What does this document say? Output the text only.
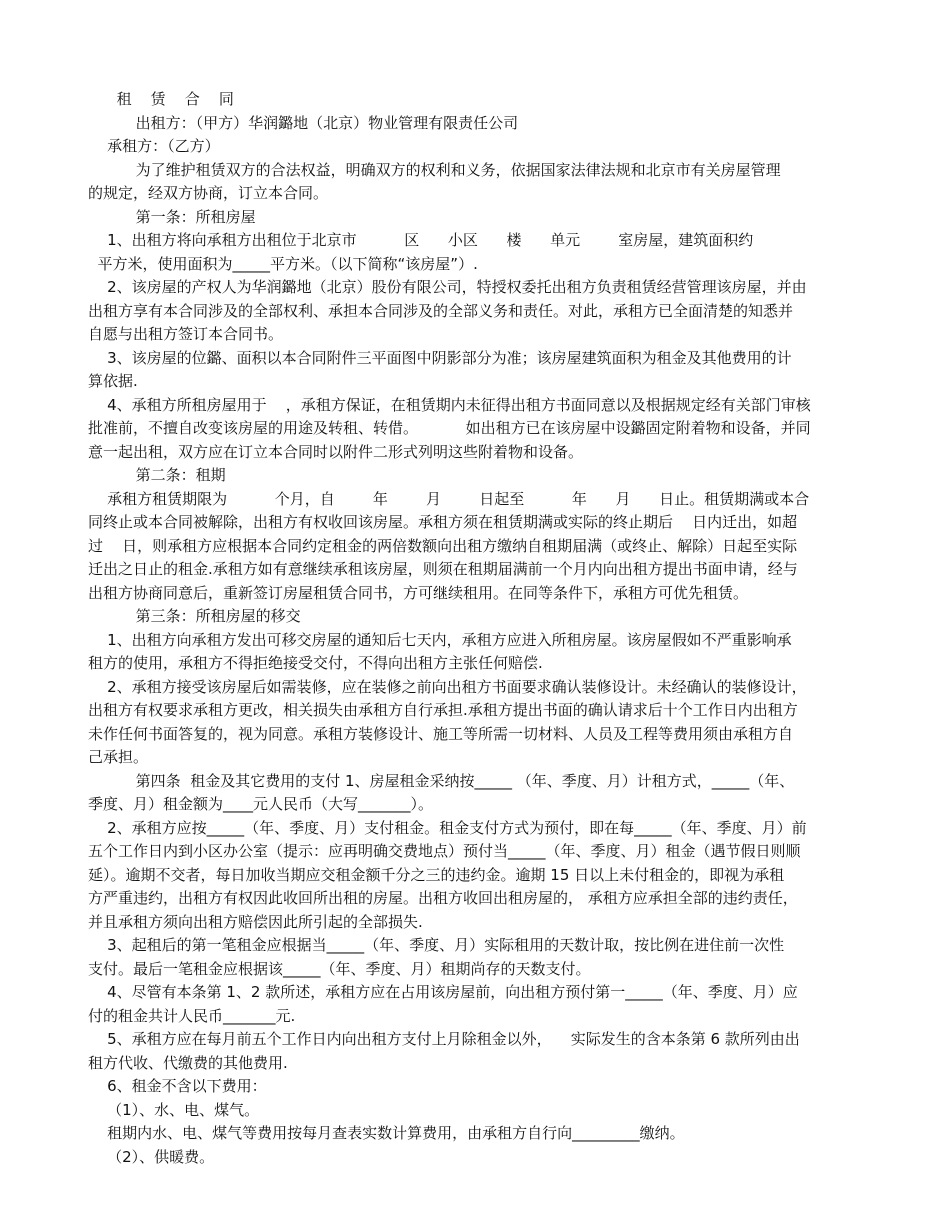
租    赁    合    同
出租方：（甲方）华润鏴地（北京）物业管理有限责任公司
承租方：（乙方）
为了维护租赁双方的合法权益，明确双方的权利和义务，依据国家法律法规和北京市有关房屋管理
的规定，经双方协商，订立本合同。
第一条：所租房屋
1、出租方将向承租方出租位于北京市          区      小区      楼      单元        室房屋，建筑面积约
平方米，使用面积为_____平方米。（以下简称“该房屋”）.
2、该房屋的产权人为华润鏴地（北京）股份有限公司，特授权委托出租方负责租赁经营管理该房屋，并由
出租方享有本合同涉及的全部权利、承担本合同涉及的全部义务和责任。对此，承租方已全面清楚的知悉并
自愿与出租方签订本合同书。
3、该房屋的位鏴、面积以本合同附件三平面图中阴影部分为准；该房屋建筑面积为租金及其他费用的计
算依据.
4、承租方所租房屋用于    ，承租方保证，在租赁期内未征得出租方书面同意以及根据规定经有关部门审核
批准前，不擅自改变该房屋的用途及转租、转借。          如出租方已在该房屋中设鏴固定附着物和设备，并同
意一起出租，双方应在订立本合同时以附件二形式列明这些附着物和设备。
第二条：租期
承租方租赁期限为          个月，自        年        月        日起至          年      月      日止。租赁期满或本合
同终止或本合同被解除，出租方有权收回该房屋。承租方须在租赁期满或实际的终止期后    日内迁出，如超
过    日，则承租方应根据本合同约定租金的两倍数额向出租方缴纳自租期届满（或终止、解除）日起至实际
迁出之日止的租金.承租方如有意继续承租该房屋，则须在租期届满前一个月内向出租方提出书面申请，经与
出租方协商同意后，重新签订房屋租赁合同书，方可继续租用。在同等条件下，承租方可优先租赁。
第三条：所租房屋的移交
1、出租方向承租方发出可移交房屋的通知后七天内，承租方应进入所租房屋。该房屋假如不严重影响承
租方的使用，承租方不得拒绝接受交付，不得向出租方主张任何赔偿.
2、承租方接受该房屋后如需装修，应在装修之前向出租方书面要求确认装修设计。未经确认的装修设计，
出租方有权要求承租方更改，相关损失由承租方自行承担.承租方提出书面的确认请求后十个工作日内出租方
未作任何书面答复的，视为同意。承租方装修设计、施工等所需一切材料、人员及工程等费用须由承租方自
己承担。
第四条  租金及其它费用的支付 1、房屋租金采纳按_____ （年、季度、月）计租方式，_____（年、
季度、月）租金额为____元人民币（大写_______）。
2、承租方应按_____（年、季度、月）支付租金。租金支付方式为预付，即在每_____（年、季度、月）前
五个工作日内到小区办公室（提示：应再明确交费地点）预付当_____（年、季度、月）租金（遇节假日则顺
延）。逾期不交者，每日加收当期应交租金额千分之三的违约金。逾期 15 日以上未付租金的，即视为承租
方严重违约，出租方有权因此收回所出租的房屋。出租方收回出租房屋的， 承租方应承担全部的违约责任，
并且承租方须向出租方赔偿因此所引起的全部损失.
3、起租后的第一笔租金应根据当_____（年、季度、月）实际租用的天数计取，按比例在进住前一次性
支付。最后一笔租金应根据该_____（年、季度、月）租期尚存的天数支付。
4、尽管有本条第 1、2 款所述，承租方应在占用该房屋前，向出租方预付第一_____（年、季度、月）应
付的租金共计人民币_______元.
5、承租方应在每月前五个工作日内向出租方支付上月除租金以外，    实际发生的含本条第 6 款所列由出
租方代收、代缴费的其他费用.
6、租金不含以下费用：
（1）、水、电、煤气。
租期内水、电、煤气等费用按每月查表实数计算费用，由承租方自行向_________缴纳。
（2）、供暖费。
